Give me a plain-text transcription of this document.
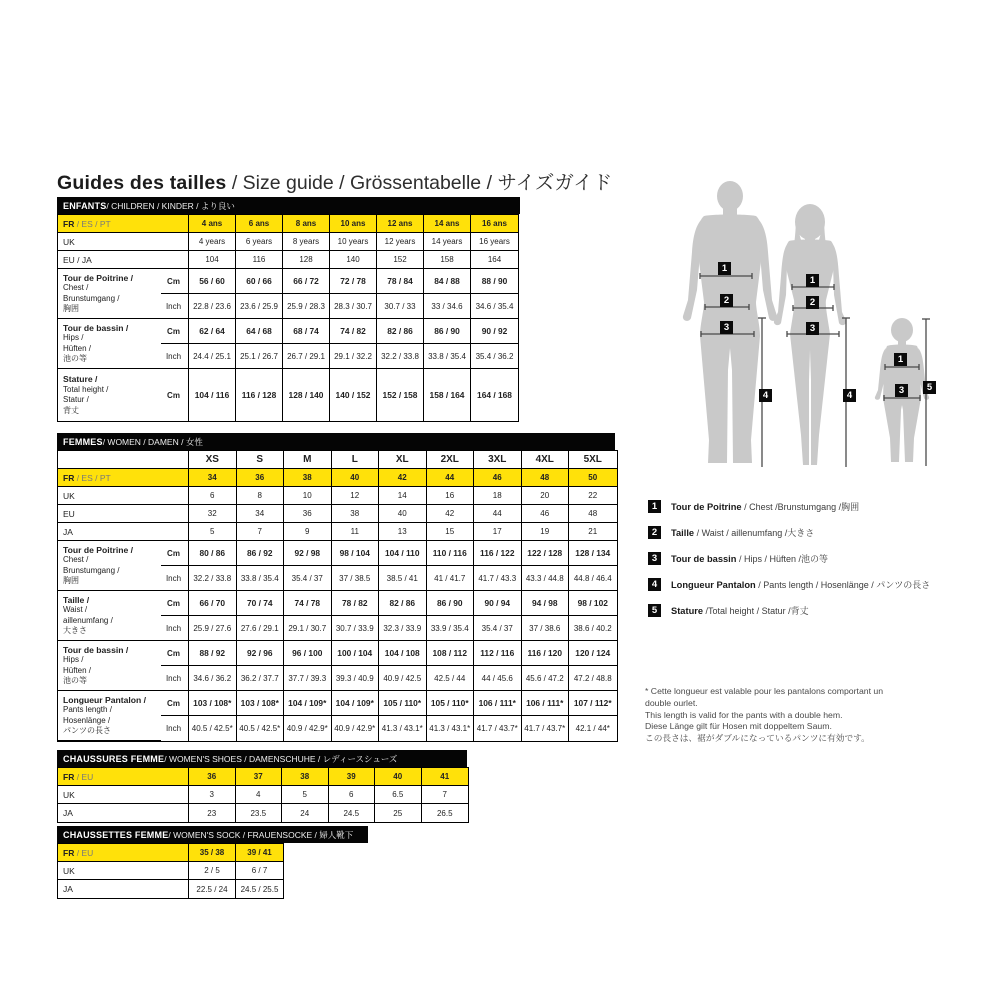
Guides des tailles / Size guide / Grössentabelle / サイズガイド
ENFANTS / CHILDREN / KINDER / より良い
FR / ES / PT		4 ans	6 ans	8 ans	10 ans	12 ans	14 ans	16 ans
UK		4 years	6 years	8 years	10 years	12 years	14 years	16 years
EU / JA		104	116	128	140	152	158	164

Tour de Poitrine /
Chest /
Brunstumgang /
胸囲	Cm	56 / 60	60 / 66	66 / 72	72 / 78	78 / 84	84 / 88	88 / 90
	Inch	22.8 / 23.6	23.6 / 25.9	25.9 / 28.3	28.3 / 30.7	30.7 / 33	33 / 34.6	34.6 / 35.4

Tour de bassin /
Hips /
Hüften /
池の等	Cm	62 / 64	64 / 68	68 / 74	74 / 82	82 / 86	86 / 90	90 / 92
	Inch	24.4 / 25.1	25.1 / 26.7	26.7 / 29.1	29.1 / 32.2	32.2 / 33.8	33.8 / 35.4	35.4 / 36.2

Stature /
Total height /
Statur /
背丈	Cm	104 / 116	116 / 128	128 / 140	140 / 152	152 / 158	158 / 164	164 / 168
FEMMES / WOMEN / DAMEN / 女性
		XS	S	M	L	XL	2XL	3XL	4XL	5XL
FR / ES / PT		34	36	38	40	42	44	46	48	50
UK		6	8	10	12	14	16	18	20	22
EU		32	34	36	38	40	42	44	46	48
JA		5	7	9	11	13	15	17	19	21

Tour de Poitrine /
Chest /
Brunstumgang /
胸囲	Cm	80 / 86	86 / 92	92 / 98	98 / 104	104 / 110	110 / 116	116 / 122	122 / 128	128 / 134
	Inch	32.2 / 33.8	33.8 / 35.4	35.4 / 37	37 / 38.5	38.5 / 41	41 / 41.7	41.7 / 43.3	43.3 / 44.8	44.8 / 46.4

Taille /
Waist /
aillenumfang /
大きさ	Cm	66 / 70	70 / 74	74 / 78	78 / 82	82 / 86	86 / 90	90 / 94	94 / 98	98 / 102
	Inch	25.9 / 27.6	27.6 / 29.1	29.1 / 30.7	30.7 / 33.9	32.3 / 33.9	33.9 / 35.4	35.4 / 37	37 / 38.6	38.6 / 40.2

Tour de bassin /
Hips /
Hüften /
池の等	Cm	88 / 92	92 / 96	96 / 100	100 / 104	104 / 108	108 / 112	112 / 116	116 / 120	120 / 124
	Inch	34.6 / 36.2	36.2 / 37.7	37.7 / 39.3	39.3 / 40.9	40.9 / 42.5	42.5 / 44	44 / 45.6	45.6 / 47.2	47.2 / 48.8

Longueur Pantalon /
Pants length /
Hosenlänge /
パンツの長さ	Cm	103 / 108*	103 / 108*	104 / 109*	104 / 109*	105 / 110*	105 / 110*	106 / 111*	106 / 111*	107 / 112*
	Inch	40.5 / 42.5*	40.5 / 42.5*	40.9 / 42.9*	40.9 / 42.9*	41.3 / 43.1*	41.3 / 43.1*	41.7 / 43.7*	41.7 / 43.7*	42.1 / 44*
CHAUSSURES FEMME / WOMEN'S SHOES / DAMENSCHUHE / レディースシューズ
FR / EU	36	37	38	39	40	41
UK	3	4	5	6	6.5	7
JA	23	23.5	24	24.5	25	26.5
CHAUSSETTES FEMME / WOMEN'S SOCK / FRAUENSOCKE / 婦人靴下
FR / EU	35 / 38	39 / 41
UK	2 / 5	6 / 7
JA	22.5 / 24	24.5 / 25.5
1
2
3
4
1
2
3
4
1
3	5
1	Tour de Poitrine / Chest /Brunstumgang /胸囲
2	Taille / Waist / aillenumfang /大きさ
3	Tour de bassin / Hips / Hüften /池の等
4	Longueur Pantalon / Pants length / Hosenlänge / パンツの長さ
5	Stature /Total height / Statur /背丈
* Cette longueur est valable pour les pantalons comportant un
double ourlet.
This length is valid for the pants with a double hem.
Diese Länge gilt für Hosen mit doppeltem Saum.
この長さは、裾がダブルになっているパンツに有効です。
